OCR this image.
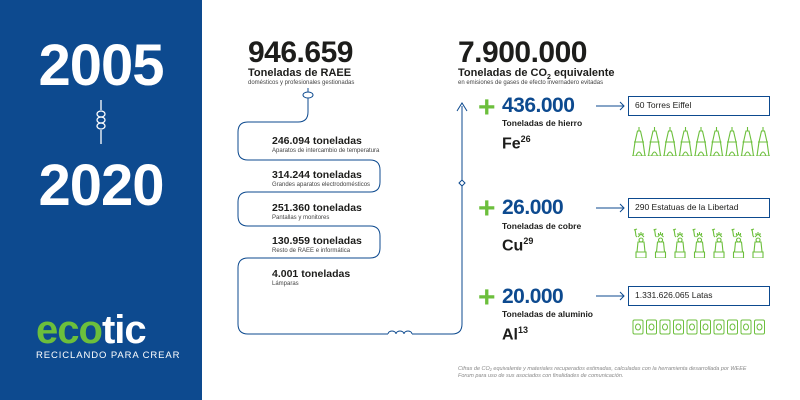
2005
2020
ecotic
RECICLANDO PARA CREAR
946.659
Toneladas de RAEE
domésticos y profesionales gestionadas
246.094 toneladas
Aparatos de intercambio de temperatura
314.244 toneladas
Grandes aparatos electrodomésticos
251.360 toneladas
Pantallas y monitores
130.959 toneladas
Resto de RAEE e informática
4.001 toneladas
Lámparas
7.900.000
Toneladas de $CO_2$ equivalente
en emisiones de gases de efecto invernadero evitadas
+ 436.000
Toneladas de hierro
Fe$^{26}$
60 Torres Eiffel
+ 26.000
Toneladas de cobre
Cu$^{29}$
290 Estatuas de la Libertad
+ 20.000
Toneladas de aluminio
Al$^{13}$
1.331.626.065 Latas
Cifras de CO₂ equivalente y materiales recuperados estimadas, calculadas con la herramienta desarrollada por WEEE Forum para uso de sus asociados con finalidades de comunicación.
